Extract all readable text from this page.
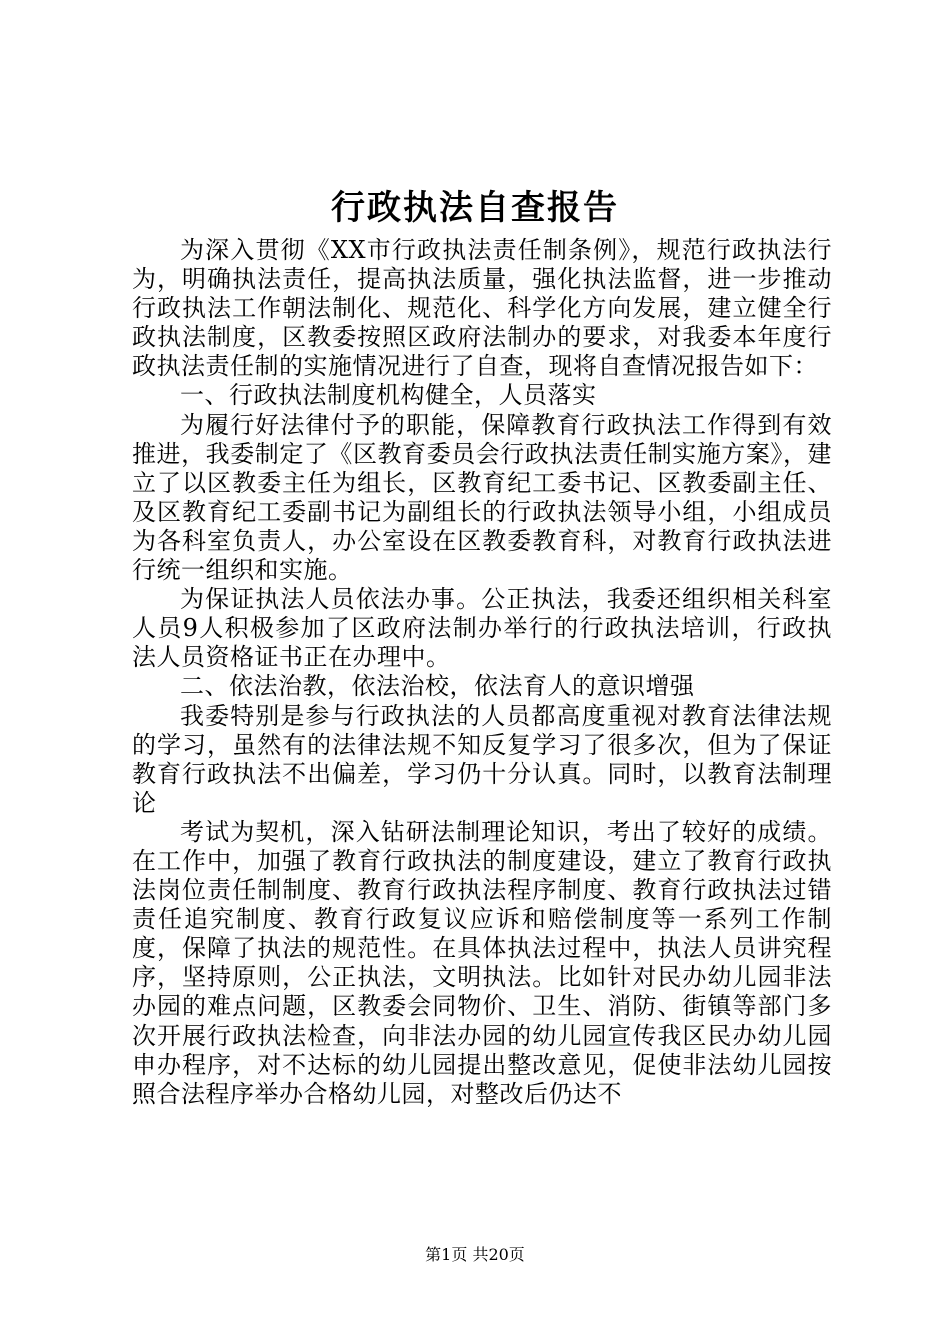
行政执法自查报告

为深入贯彻《XX市行政执法责任制条例》，规范行政执法行为，明确执法责任，提高执法质量，强化执法监督，进一步推动行政执法工作朝法制化、规范化、科学化方向发展，建立健全行政执法制度，区教委按照区政府法制办的要求，对我委本年度行政执法责任制的实施情况进行了自查，现将自查情况报告如下：

一、行政执法制度机构健全，人员落实

为履行好法律付予的职能，保障教育行政执法工作得到有效推进，我委制定了《区教育委员会行政执法责任制实施方案》，建立了以区教委主任为组长，区教育纪工委书记、区教委副主任、及区教育纪工委副书记为副组长的行政执法领导小组，小组成员为各科室负责人，办公室设在区教委教育科，对教育行政执法进行统一组织和实施。

为保证执法人员依法办事。公正执法，我委还组织相关科室人员9人积极参加了区政府法制办举行的行政执法培训，行政执法人员资格证书正在办理中。

二、依法治教，依法治校，依法育人的意识增强

我委特别是参与行政执法的人员都高度重视对教育法律法规的学习，虽然有的法律法规不知反复学习了很多次，但为了保证教育行政执法不出偏差，学习仍十分认真。同时，以教育法制理论

考试为契机，深入钻研法制理论知识，考出了较好的成绩。在工作中，加强了教育行政执法的制度建设，建立了教育行政执法岗位责任制制度、教育行政执法程序制度、教育行政执法过错责任追究制度、教育行政复议应诉和赔偿制度等一系列工作制度，保障了执法的规范性。在具体执法过程中，执法人员讲究程序，坚持原则，公正执法，文明执法。比如针对民办幼儿园非法办园的难点问题，区教委会同物价、卫生、消防、街镇等部门多次开展行政执法检查，向非法办园的幼儿园宣传我区民办幼儿园申办程序，对不达标的幼儿园提出整改意见，促使非法幼儿园按照合法程序举办合格幼儿园，对整改后仍达不

第1页 共20页
